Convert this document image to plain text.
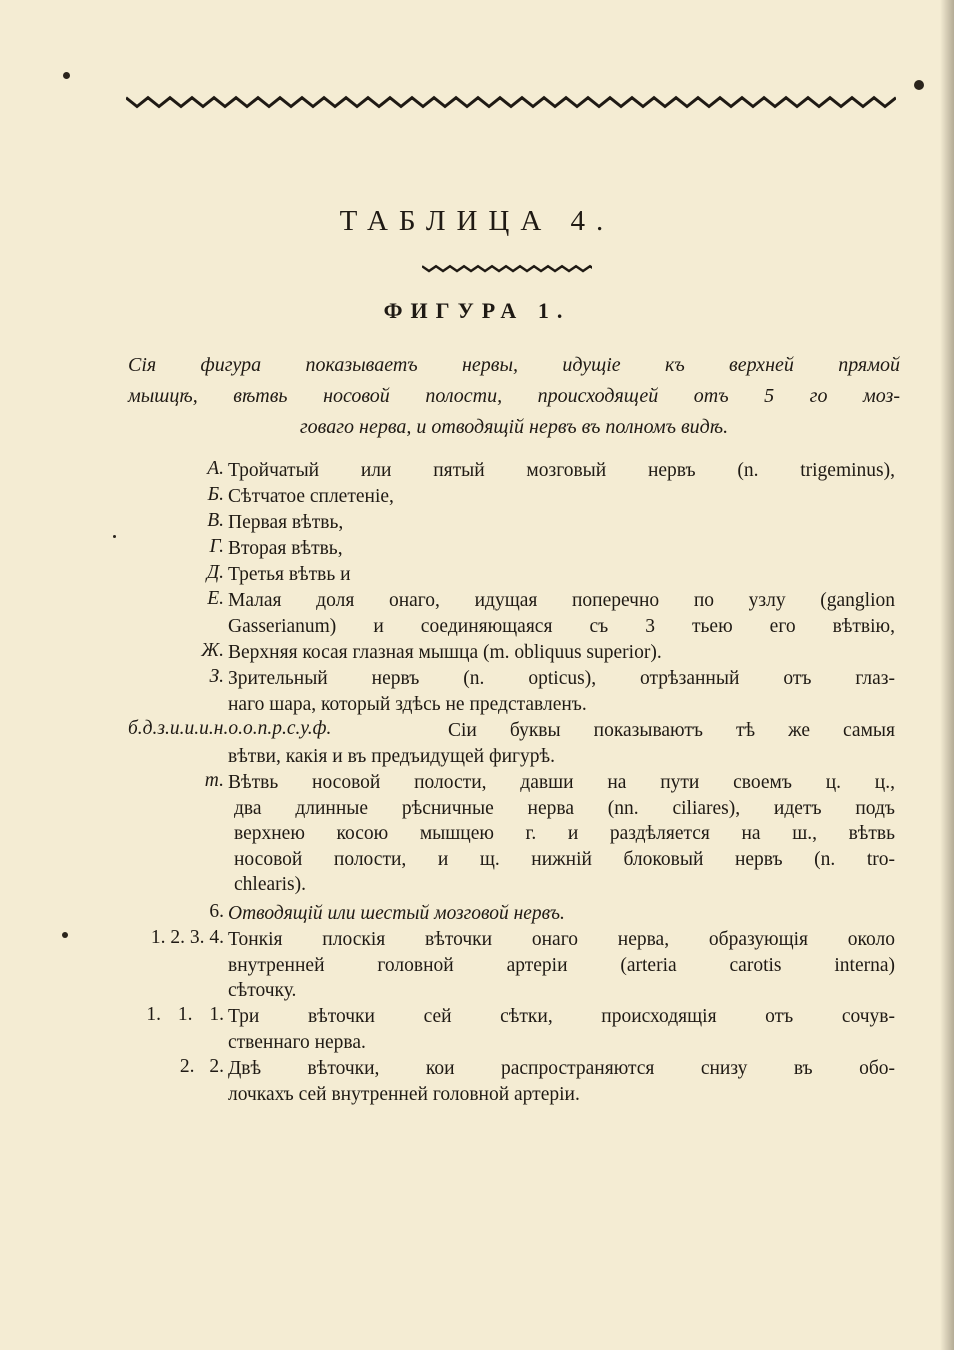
ТАБЛИЦА 4.
ФИГУРА 1.
Сія фигура показываетъ нервы, идущіе къ верхней прямой
мышцѣ, вѣтвь носовой полости, происходящей отъ 5 го моз-
говаго нерва, и отводящій нервъ въ полномъ видѣ.
А. Тройчатый или пятый мозговый нервъ (n. trigeminus),
Б. Сѣтчатое сплетеніе,
В. Первая вѣтвь,
Г. Вторая вѣтвь,
Д. Третья вѣтвь и
Е. Малая доля онаго, идущая поперечно по узлу (ganglion
Gasserianum) и соединяющаяся съ 3 тьею его вѣтвію,
Ж. Верхняя косая глазная мышца (m. obliquus superior).
З. Зрительный нервъ (n. opticus), отрѣзанный отъ глаз-
наго шара, который здѣсь не представленъ.
б.д.з.и.и.и.н.о.о.п.р.с.у.ф.	Сіи буквы показываютъ тѣ же самыя
вѣтви, какія и въ предъидущей фигурѣ.
т. Вѣтвь носовой полости, давши на пути своемъ ц. ц.,
два длинные рѣсничные нерва (nn. ciliares), идетъ подъ
верхнею косою мышцею г. и раздѣляется на ш., вѣтвь
носовой полости, и щ. нижній блоковый нервъ (n. tro-
chlearis).
6. Отводящій или шестый мозговой нервъ.
1. 2. 3. 4. Тонкія плоскія вѣточки онаго нерва, образующія около
внутренней головной артеріи (arteria carotis interna)
сѣточку.
1. 1. 1. Три вѣточки сей сѣтки, происходящія отъ сочув-
ственнаго нерва.
2. 2. Двѣ вѣточки, кои распространяются снизу въ обо-
лочкахъ сей внутренней головной артеріи.
